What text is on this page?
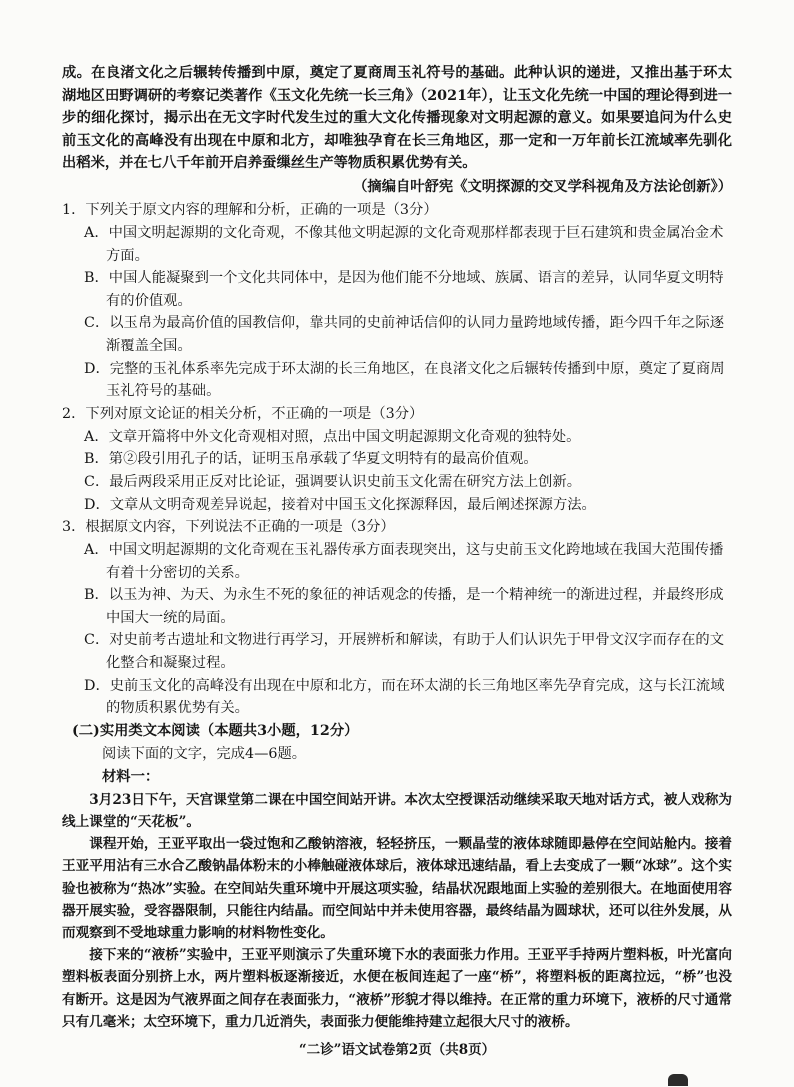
成。在良渚文化之后辗转传播到中原，奠定了夏商周玉礼符号的基础。此种认识的递进，又推出基于环太湖地区田野调研的考察记类著作《玉文化先统一长三角》（2021年），让玉文化先统一中国的理论得到进一步的细化探讨，揭示出在无文字时代发生过的重大文化传播现象对文明起源的意义。如果要追问为什么史前玉文化的高峰没有出现在中原和北方，却唯独孕育在长三角地区，那一定和一万年前长江流域率先驯化出稻米，并在七八千年前开启养蚕缫丝生产等物质积累优势有关。

（摘编自叶舒宪《文明探源的交叉学科视角及方法论创新》）

1．下列关于原文内容的理解和分析，正确的一项是（3分）

A．中国文明起源期的文化奇观，不像其他文明起源的文化奇观那样都表现于巨石建筑和贵金属冶金术方面。
B．中国人能凝聚到一个文化共同体中，是因为他们能不分地域、族属、语言的差异，认同华夏文明特有的价值观。
C．以玉帛为最高价值的国教信仰，靠共同的史前神话信仰的认同力量跨地域传播，距今四千年之际逐渐覆盖全国。
D．完整的玉礼体系率先完成于环太湖的长三角地区，在良渚文化之后辗转传播到中原，奠定了夏商周玉礼符号的基础。

2．下列对原文论证的相关分析，不正确的一项是（3分）

A．文章开篇将中外文化奇观相对照，点出中国文明起源期文化奇观的独特处。
B．第②段引用孔子的话，证明玉帛承载了华夏文明特有的最高价值观。
C．最后两段采用正反对比论证，强调要认识史前玉文化需在研究方法上创新。
D．文章从文明奇观差异说起，接着对中国玉文化探源释因，最后阐述探源方法。

3．根据原文内容，下列说法不正确的一项是（3分）

A．中国文明起源期的文化奇观在玉礼器传承方面表现突出，这与史前玉文化跨地域在我国大范围传播有着十分密切的关系。
B．以玉为神、为天、为永生不死的象征的神话观念的传播，是一个精神统一的渐进过程，并最终形成中国大一统的局面。
C．对史前考古遗址和文物进行再学习，开展辨析和解读，有助于人们认识先于甲骨文汉字而存在的文化整合和凝聚过程。
D．史前玉文化的高峰没有出现在中原和北方，而在环太湖的长三角地区率先孕育完成，这与长江流域的物质积累优势有关。

(二)实用类文本阅读（本题共3小题，12分）

阅读下面的文字，完成4—6题。

材料一：

3月23日下午，天宫课堂第二课在中国空间站开讲。本次太空授课活动继续采取天地对话方式，被人戏称为线上课堂的“天花板”。

课程开始，王亚平取出一袋过饱和乙酸钠溶液，轻轻挤压，一颗晶莹的液体球随即悬停在空间站舱内。接着王亚平用沾有三水合乙酸钠晶体粉末的小棒触碰液体球后，液体球迅速结晶，看上去变成了一颗“冰球”。这个实验也被称为“热冰”实验。在空间站失重环境中开展这项实验，结晶状况跟地面上实验的差别很大。在地面使用容器开展实验，受容器限制，只能往内结晶。而空间站中并未使用容器，最终结晶为圆球状，还可以往外发展，从而观察到不受地球重力影响的材料物性变化。

接下来的“液桥”实验中，王亚平则演示了失重环境下水的表面张力作用。王亚平手持两片塑料板，叶光富向塑料板表面分别挤上水，两片塑料板逐渐接近，水便在板间连起了一座“桥”，将塑料板的距离拉远，“桥”也没有断开。这是因为气液界面之间存在表面张力，“液桥”形貌才得以维持。在正常的重力环境下，液桥的尺寸通常只有几毫米；太空环境下，重力几近消失，表面张力便能维持建立起很大尺寸的液桥。

“二诊”语文试卷第2页（共8页）
